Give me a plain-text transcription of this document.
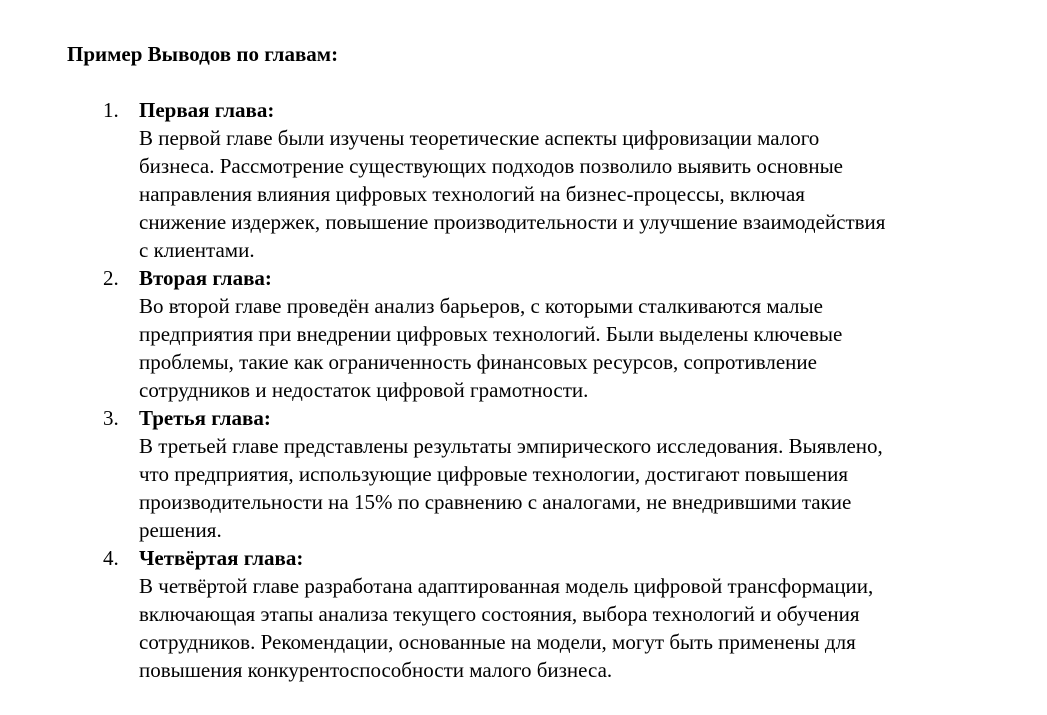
Пример Выводов по главам:
1. Первая глава:

В первой главе были изучены теоретические аспекты цифровизации малого
бизнеса. Рассмотрение существующих подходов позволило выявить основные
направления влияния цифровых технологий на бизнес-процессы, включая
снижение издержек, повышение производительности и улучшение взаимодействия
с клиентами.

2. Вторая глава:

Во второй главе проведён анализ барьеров, с которыми сталкиваются малые
предприятия при внедрении цифровых технологий. Были выделены ключевые
проблемы, такие как ограниченность финансовых ресурсов, сопротивление
сотрудников и недостаток цифровой грамотности.

3. Третья глава:

В третьей главе представлены результаты эмпирического исследования. Выявлено,
что предприятия, использующие цифровые технологии, достигают повышения
производительности на 15% по сравнению с аналогами, не внедрившими такие
решения.

4. Четвёртая глава:

В четвёртой главе разработана адаптированная модель цифровой трансформации,
включающая этапы анализа текущего состояния, выбора технологий и обучения
сотрудников. Рекомендации, основанные на модели, могут быть применены для
повышения конкурентоспособности малого бизнеса.
